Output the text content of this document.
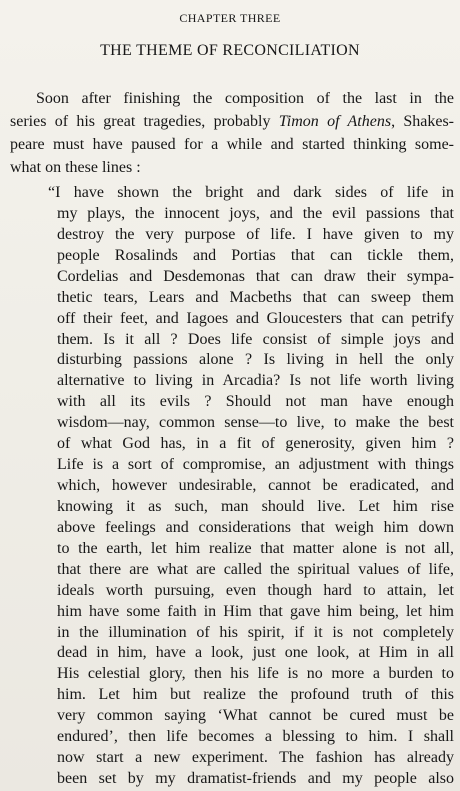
CHAPTER THREE
THE THEME OF RECONCILIATION
Soon after finishing the composition of the last in the
series of his great tragedies, probably Timon of Athens, Shakes-
peare must have paused for a while and started thinking some-
what on these lines :
“I have shown the bright and dark sides of life in
my plays, the innocent joys, and the evil passions that
destroy the very purpose of life. I have given to my
people Rosalinds and Portias that can tickle them,
Cordelias and Desdemonas that can draw their sympa-
thetic tears, Lears and Macbeths that can sweep them
off their feet, and Iagoes and Gloucesters that can petrify
them. Is it all ? Does life consist of simple joys and
disturbing passions alone ? Is living in hell the only
alternative to living in Arcadia? Is not life worth living
with all its evils ? Should not man have enough
wisdom—nay, common sense—to live, to make the best
of what God has, in a fit of generosity, given him ?
Life is a sort of compromise, an adjustment with things
which, however undesirable, cannot be eradicated, and
knowing it as such, man should live. Let him rise
above feelings and considerations that weigh him down
to the earth, let him realize that matter alone is not all,
that there are what are called the spiritual values of life,
ideals worth pursuing, even though hard to attain, let
him have some faith in Him that gave him being, let him
in the illumination of his spirit, if it is not completely
dead in him, have a look, just one look, at Him in all
His celestial glory, then his life is no more a burden to
him. Let him but realize the profound truth of this
very common saying ‘What cannot be cured must be
endured’, then life becomes a blessing to him. I shall
now start a new experiment. The fashion has already
been set by my dramatist-friends and my people also
